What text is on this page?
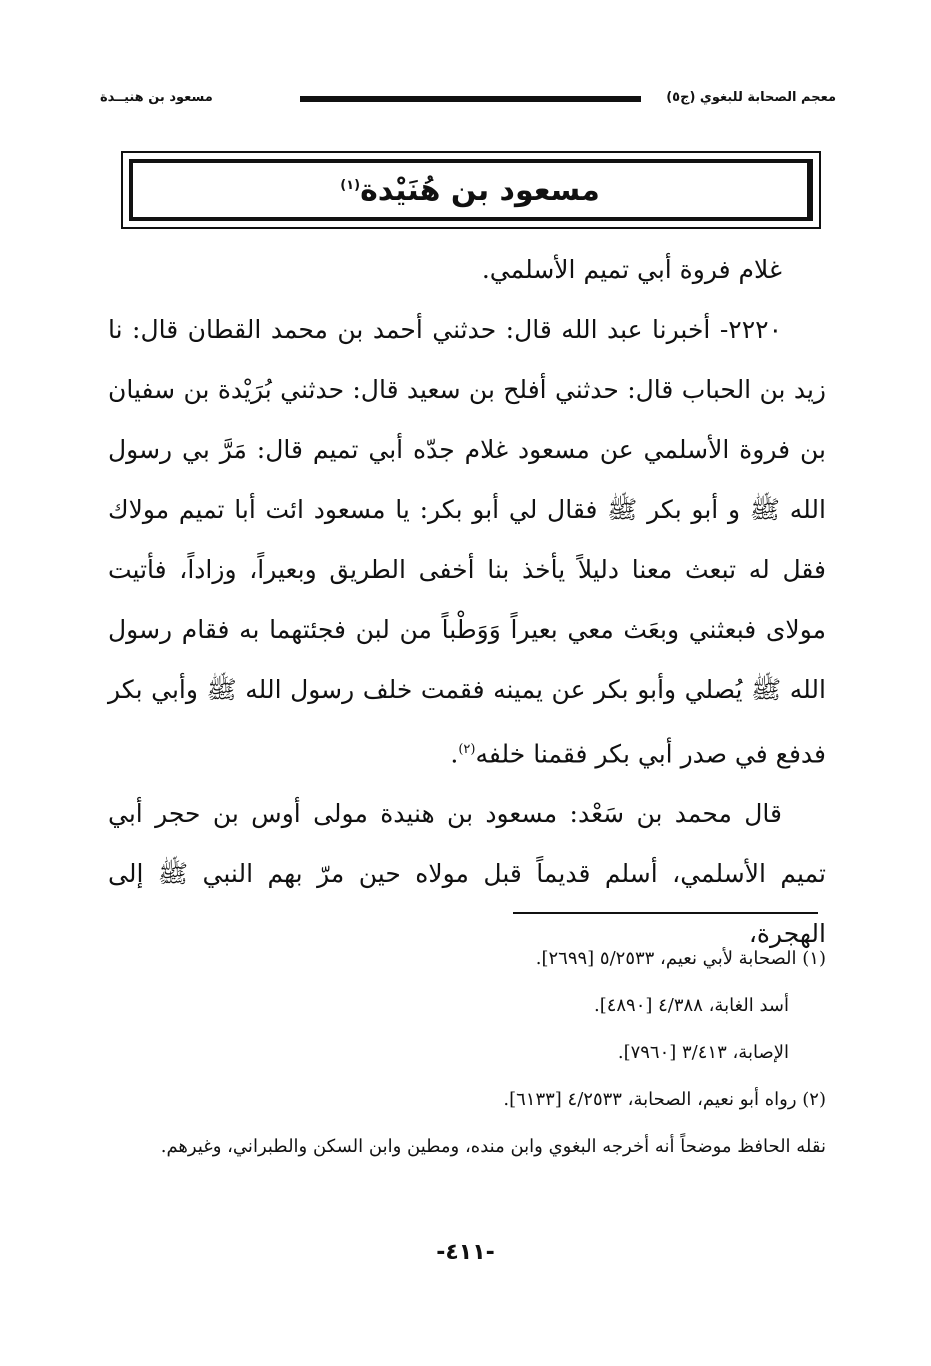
معجم الصحابة للبغوي (ج٥)
مسعود بن هنيــدة
مسعود بن هُنَيْدة$^{(١)}$

غلام فروة أبي تميم الأسلمي.

٢٢٢٠- أخبرنا عبد الله قال: حدثني أحمد بن محمد القطان قال: نا زيد بن الحباب قال: حدثني أفلح بن سعيد قال: حدثني بُرَيْدة بن سفيان بن فروة الأسلمي عن مسعود غلام جدّه أبي تميم قال: مَرَّ بي رسول الله ﷺ و أبو بكر ﷺ فقال لي أبو بكر: يا مسعود ائت أبا تميم مولاك فقل له تبعث معنا دليلاً يأخذ بنا أخفى الطريق وبعيراً، وزاداً، فأتيت مولاى فبعثني وبعَث معي بعيراً وَوَطْباً من لبن فجئتهما به فقام رسول الله ﷺ يُصلي وأبو بكر عن يمينه فقمت خلف رسول الله ﷺ وأبي بكر فدفع في صدر أبي بكر فقمنا خلفه$^{(٢)}$.

قال محمد بن سَعْد: مسعود بن هنيدة مولى أوس بن حجر أبي تميم الأسلمي، أسلم قديماً قبل مولاه حين مرّ بهم النبي ﷺ إلى الهجرة،

(١) الصحابة لأبي نعيم، ٥/٢٥٣٣ [٢٦٩٩].

أسد الغابة، ٤/٣٨٨ [٤٨٩٠].

الإصابة، ٣/٤١٣ [٧٩٦٠].

(٢) رواه أبو نعيم، الصحابة، ٤/٢٥٣٣ [٦١٣٣].

نقله الحافظ موضحاً أنه أخرجه البغوي وابن منده، ومطين وابن السكن والطبراني، وغيرهم.

-٤١١-
